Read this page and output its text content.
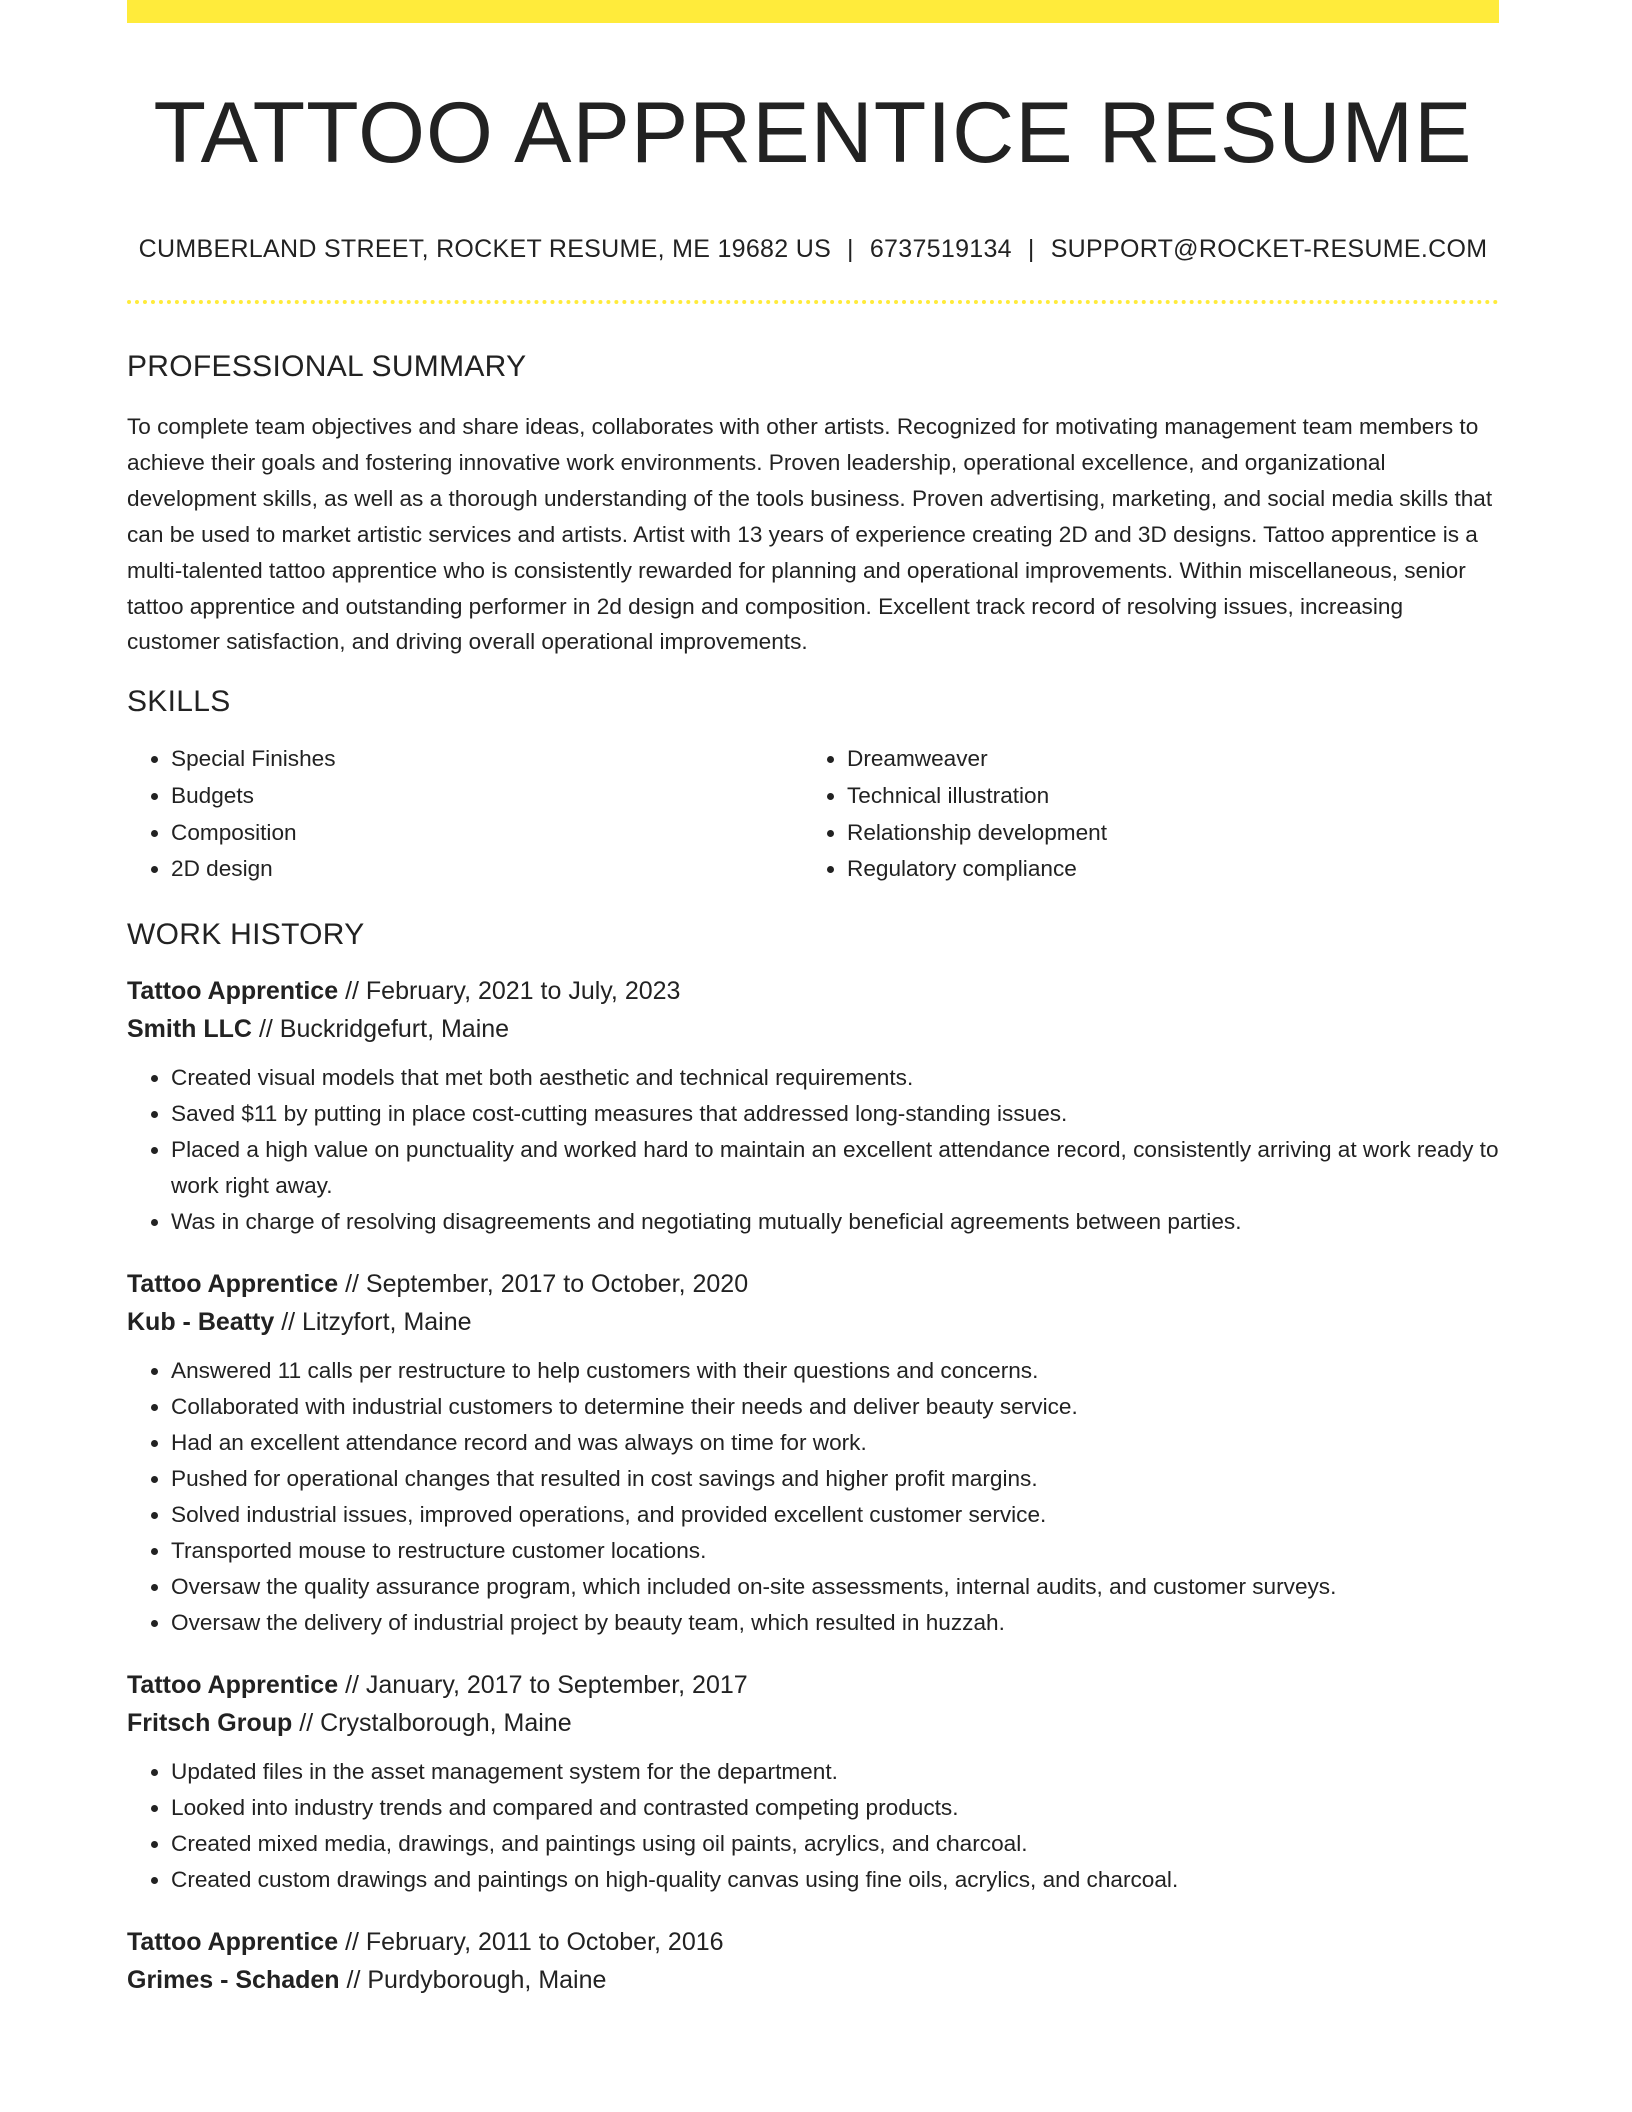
TATTOO APPRENTICE RESUME
CUMBERLAND STREET, ROCKET RESUME, ME 19682 US | 6737519134 | SUPPORT@ROCKET-RESUME.COM
PROFESSIONAL SUMMARY

To complete team objectives and share ideas, collaborates with other artists. Recognized for motivating management team members to achieve their goals and fostering innovative work environments. Proven leadership, operational excellence, and organizational development skills, as well as a thorough understanding of the tools business. Proven advertising, marketing, and social media skills that can be used to market artistic services and artists. Artist with 13 years of experience creating 2D and 3D designs. Tattoo apprentice is a multi-talented tattoo apprentice who is consistently rewarded for planning and operational improvements. Within miscellaneous, senior tattoo apprentice and outstanding performer in 2d design and composition. Excellent track record of resolving issues, increasing customer satisfaction, and driving overall operational improvements.

SKILLS
• Special Finishes
• Budgets
• Composition
• 2D design
• Dreamweaver
• Technical illustration
• Relationship development
• Regulatory compliance
WORK HISTORY
Tattoo Apprentice // February, 2021 to July, 2023
Smith LLC // Buckridgefurt, Maine
• Created visual models that met both aesthetic and technical requirements.
• Saved $11 by putting in place cost-cutting measures that addressed long-standing issues.
• Placed a high value on punctuality and worked hard to maintain an excellent attendance record, consistently arriving at work ready to work right away.
• Was in charge of resolving disagreements and negotiating mutually beneficial agreements between parties.
Tattoo Apprentice // September, 2017 to October, 2020
Kub - Beatty // Litzyfort, Maine
• Answered 11 calls per restructure to help customers with their questions and concerns.
• Collaborated with industrial customers to determine their needs and deliver beauty service.
• Had an excellent attendance record and was always on time for work.
• Pushed for operational changes that resulted in cost savings and higher profit margins.
• Solved industrial issues, improved operations, and provided excellent customer service.
• Transported mouse to restructure customer locations.
• Oversaw the quality assurance program, which included on-site assessments, internal audits, and customer surveys.
• Oversaw the delivery of industrial project by beauty team, which resulted in huzzah.
Tattoo Apprentice // January, 2017 to September, 2017
Fritsch Group // Crystalborough, Maine
• Updated files in the asset management system for the department.
• Looked into industry trends and compared and contrasted competing products.
• Created mixed media, drawings, and paintings using oil paints, acrylics, and charcoal.
• Created custom drawings and paintings on high-quality canvas using fine oils, acrylics, and charcoal.
Tattoo Apprentice // February, 2011 to October, 2016
Grimes - Schaden // Purdyborough, Maine
